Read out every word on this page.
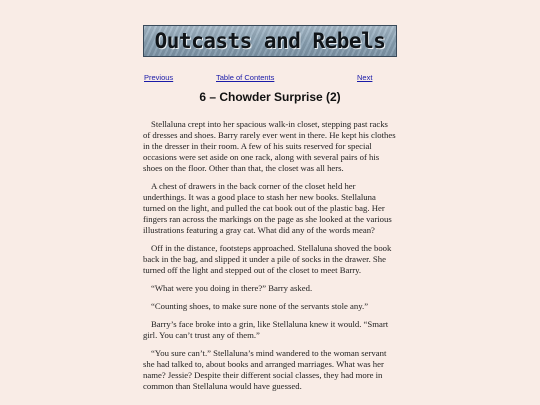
Outcasts and Rebels
Previous	Table of Contents	Next
6 – Chowder Surprise (2)

Stellaluna crept into her spacious walk-in closet, stepping past racks of dresses and shoes. Barry rarely ever went in there. He kept his clothes in the dresser in their room. A few of his suits reserved for special occasions were set aside on one rack, along with several pairs of his shoes on the floor. Other than that, the closet was all hers.

A chest of drawers in the back corner of the closet held her underthings. It was a good place to stash her new books. Stellaluna turned on the light, and pulled the cat book out of the plastic bag. Her fingers ran across the markings on the page as she looked at the various illustrations featuring a gray cat. What did any of the words mean?

Off in the distance, footsteps approached. Stellaluna shoved the book back in the bag, and slipped it under a pile of socks in the drawer. She turned off the light and stepped out of the closet to meet Barry.

“What were you doing in there?” Barry asked.

“Counting shoes, to make sure none of the servants stole any.”

Barry’s face broke into a grin, like Stellaluna knew it would. “Smart girl. You can’t trust any of them.”

“You sure can’t.” Stellaluna’s mind wandered to the woman servant she had talked to, about books and arranged marriages. What was her name? Jessie? Despite their different social classes, they had more in common than Stellaluna would have guessed.
